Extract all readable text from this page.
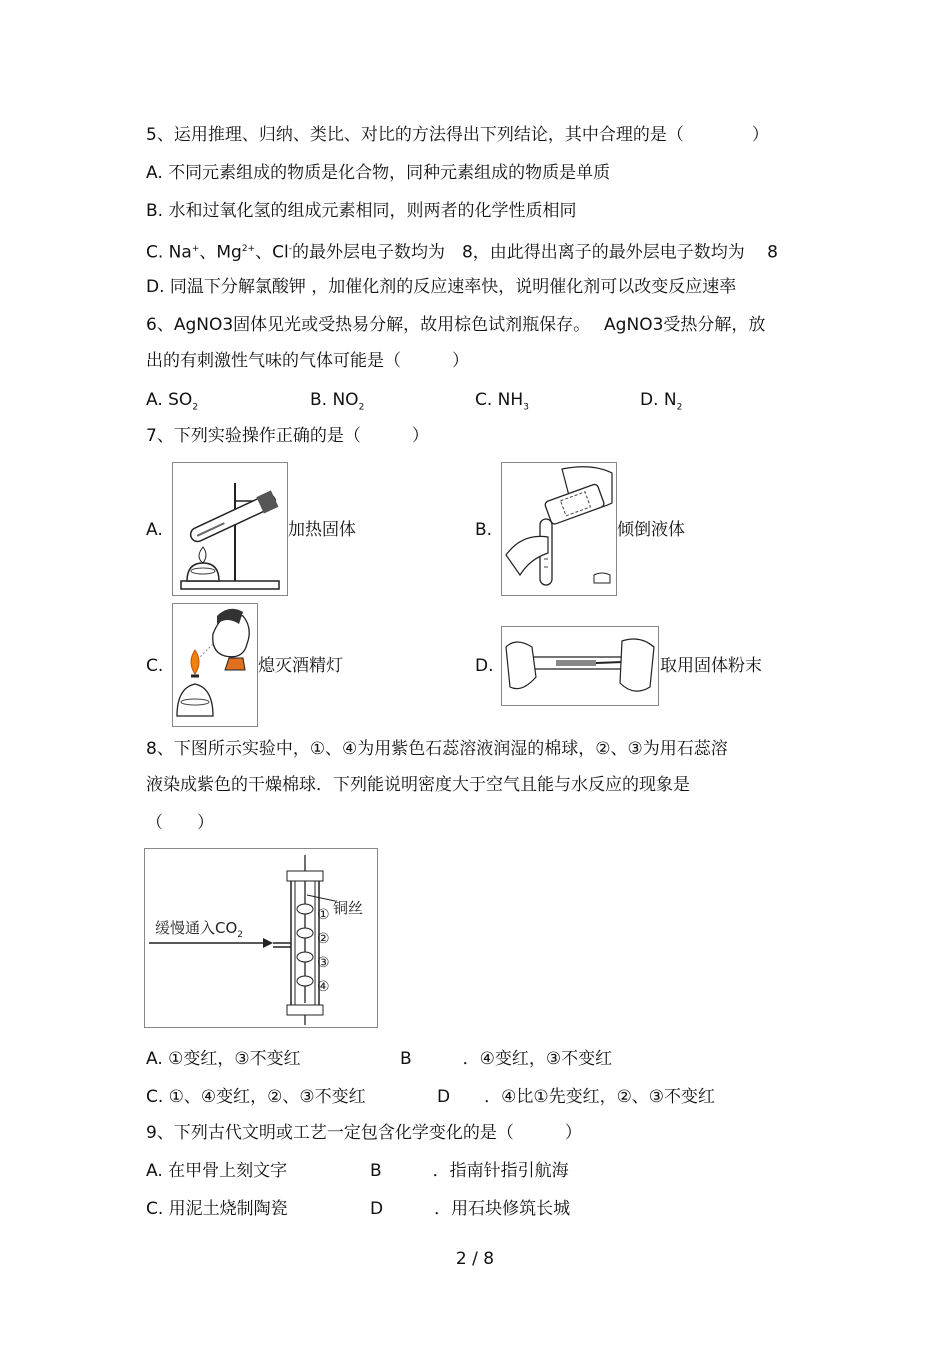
5、运用推理、归纳、类比、对比的方法得出下列结论，其中合理的是（　　　　）
A. 不同元素组成的物质是化合物，同种元素组成的物质是单质
B. 水和过氧化氢的组成元素相同，则两者的化学性质相同
C. Na+、$Mg^{2+}$、Cl-的最外层电子数均为　8，由此得出离子的最外层电子数均为　 8
D. 同温下分解氯酸钾 ，加催化剂的反应速率快，说明催化剂可以改变反应速率
6、AgNO3固体见光或受热易分解，故用棕色试剂瓶保存。　 AgNO3受热分解，放
出的有刺激性气味的气体可能是（　　　）
A. $SO_2$	B. $NO_2$	C. $NH_3$	D. $N_2$
7、下列实验操作正确的是（　　　）
A.	加热固体	B.	倾倒液体
C.	熄灭酒精灯	D.	取用固体粉末
8、下图所示实验中，①、④为用紫色石蕊溶液润湿的棉球，②、③为用石蕊溶
液染成紫色的干燥棉球．下列能说明密度大于空气且能与水反应的现象是
（　　）
缓慢通入$CO_2$
铜丝
①
②
③
④
A. ①变红，③不变红	B　　　．④变红，③不变红
C. ①、④变红，②、③不变红	D　　．④比①先变红，②、③不变红
9、下列古代文明或工艺一定包含化学变化的是（　　　）
A. 在甲骨上刻文字	B　　　．指南针指引航海
C. 用泥土烧制陶瓷	D　　　．用石块修筑长城
2 / 8
